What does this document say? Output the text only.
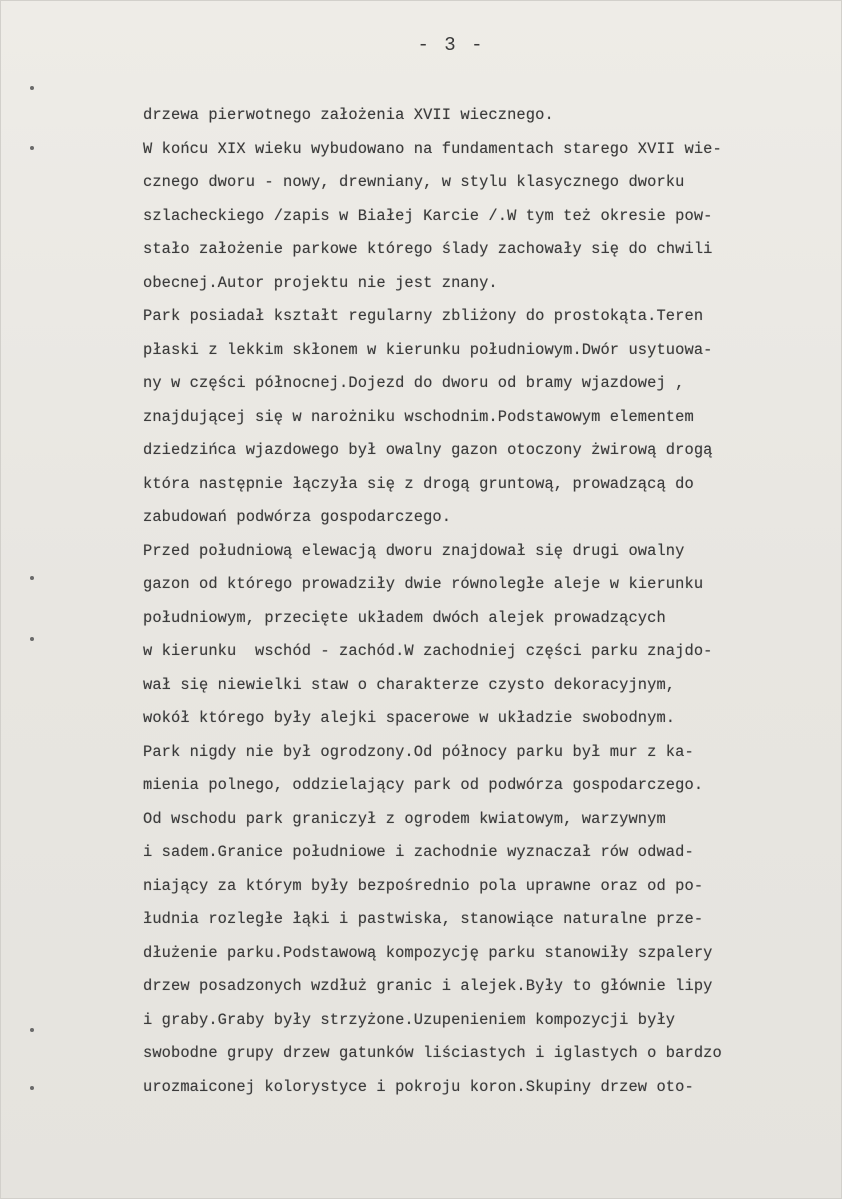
- 3 -
drzewa pierwotnego założenia XVII wiecznego.
W końcu XIX wieku wybudowano na fundamentach starego XVII wie-
cznego dworu - nowy, drewniany, w stylu klasycznego dworku
szlacheckiego /zapis w Białej Karcie /.W tym też okresie pow-
stało założenie parkowe którego ślady zachowały się do chwili
obecnej.Autor projektu nie jest znany.
Park posiadał kształt regularny zbliżony do prostokąta.Teren
płaski z lekkim skłonem w kierunku południowym.Dwór usytuowa-
ny w części północnej.Dojezd do dworu od bramy wjazdowej ,
znajdującej się w narożniku wschodnim.Podstawowym elementem
dziedzińca wjazdowego był owalny gazon otoczony żwirową drogą
która następnie łączyła się z drogą gruntową, prowadzącą do
zabudowań podwórza gospodarczego.
Przed południową elewacją dworu znajdował się drugi owalny
gazon od którego prowadziły dwie równoległe aleje w kierunku
południowym, przecięte układem dwóch alejek prowadzących
w kierunku  wschód - zachód.W zachodniej części parku znajdo-
wał się niewielki staw o charakterze czysto dekoracyjnym,
wokół którego były alejki spacerowe w układzie swobodnym.
Park nigdy nie był ogrodzony.Od północy parku był mur z ka-
mienia polnego, oddzielający park od podwórza gospodarczego.
Od wschodu park graniczył z ogrodem kwiatowym, warzywnym
i sadem.Granice południowe i zachodnie wyznaczał rów odwad-
niający za którym były bezpośrednio pola uprawne oraz od po-
łudnia rozległe łąki i pastwiska, stanowiące naturalne prze-
dłużenie parku.Podstawową kompozycję parku stanowiły szpalery
drzew posadzonych wzdłuż granic i alejek.Były to głównie lipy
i graby.Graby były strzyżone.Uzupenieniem kompozycji były
swobodne grupy drzew gatunków liściastych i iglastych o bardzo
urozmaiconej kolorystyce i pokroju koron.Skupiny drzew oto-
